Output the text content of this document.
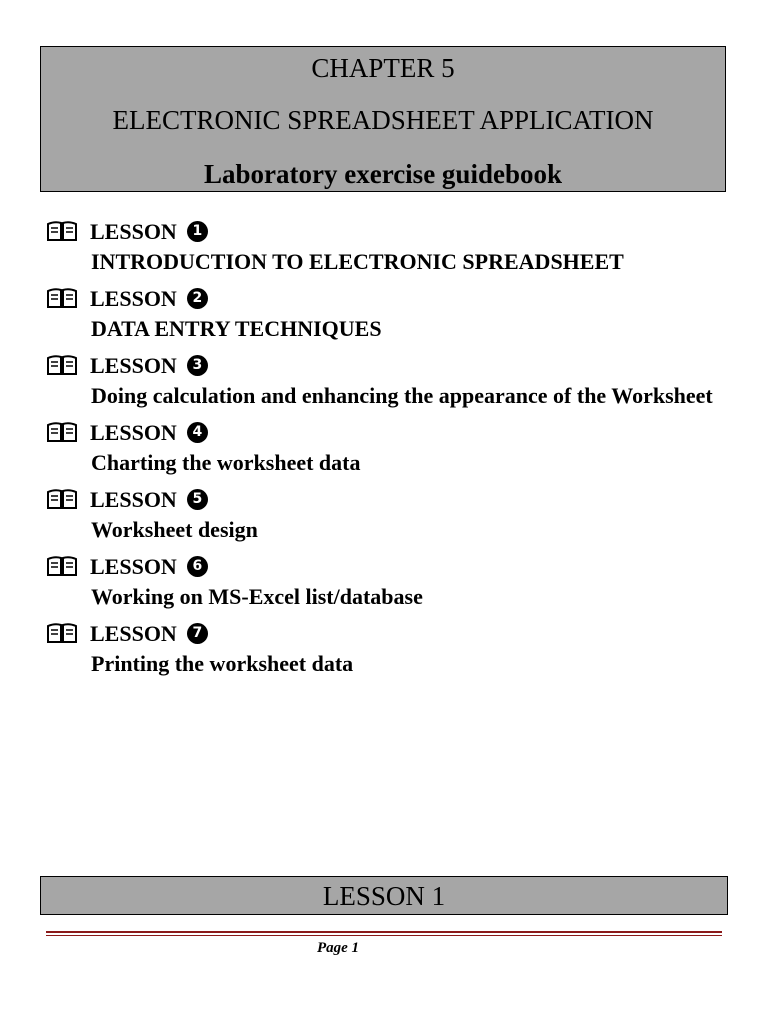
CHAPTER 5
ELECTRONIC SPREADSHEET APPLICATION
Laboratory exercise guidebook
LESSON	1
INTRODUCTION TO ELECTRONIC SPREADSHEET
LESSON	2
DATA ENTRY TECHNIQUES
LESSON	3
Doing calculation and enhancing the appearance of the Worksheet
LESSON	4
Charting the worksheet data
LESSON	5
Worksheet design
LESSON	6
Working on MS-Excel list/database
LESSON	7
Printing the worksheet data
LESSON 1
Page 1
